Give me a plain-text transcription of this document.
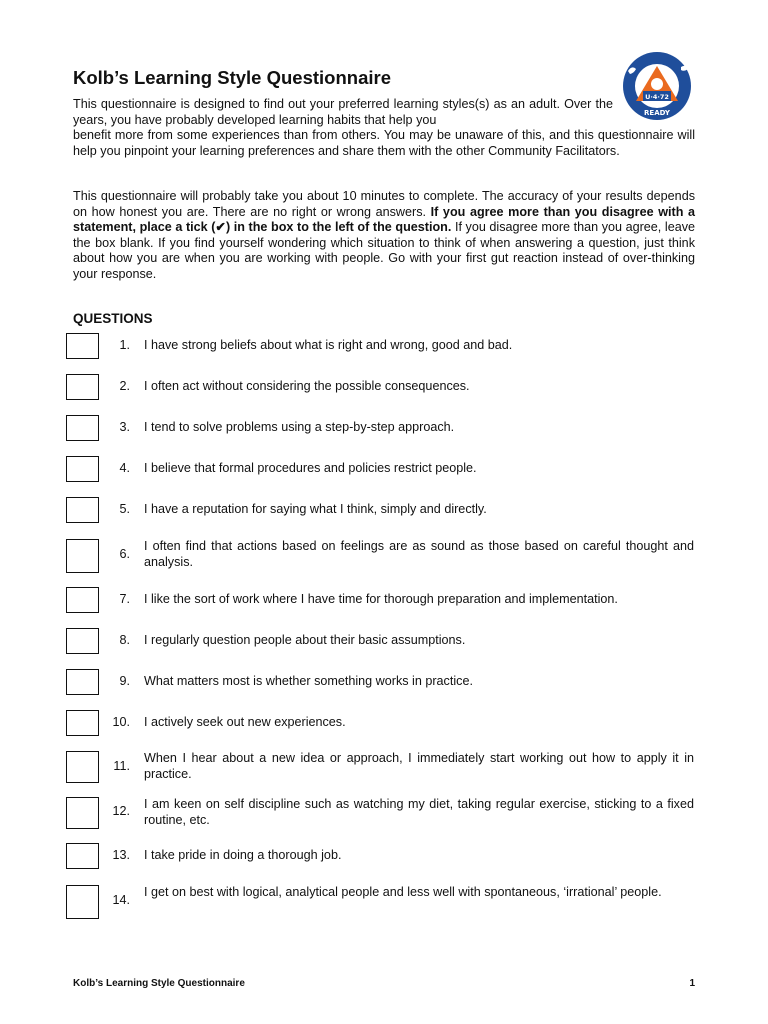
Kolb’s Learning Style Questionnaire
U·4·72
READY
This questionnaire is designed to find out your preferred learning styles(s) as an adult. Over the years, you have probably developed learning habits that help you
benefit more from some experiences than from others. You may be unaware of this, and this questionnaire will help you pinpoint your learning preferences and share them with the other Community Facilitators.
This questionnaire will probably take you about 10 minutes to complete. The accuracy of your results depends on how honest you are. There are no right or wrong answers. If you agree more than you disagree with a statement, place a tick (✔) in the box to the left of the question. If you disagree more than you agree, leave the box blank. If you find yourself wondering which situation to think of when answering a question, just think about how you are when you are working with people. Go with your first gut reaction instead of over-thinking your response.
QUESTIONS
1. I have strong beliefs about what is right and wrong, good and bad.
2. I often act without considering the possible consequences.
3. I tend to solve problems using a step-by-step approach.
4. I believe that formal procedures and policies restrict people.
5. I have a reputation for saying what I think, simply and directly.
6.
I often find that actions based on feelings are as sound as those based on careful thought and analysis.
7. I like the sort of work where I have time for thorough preparation and implementation.
8. I regularly question people about their basic assumptions.
9. What matters most is whether something works in practice.
10. I actively seek out new experiences.
11.
When I hear about a new idea or approach, I immediately start working out how to apply it in practice.
12. I am keen on self discipline such as watching my diet, taking regular exercise, sticking to a fixed routine, etc.
13. I take pride in doing a thorough job.
14.
I get on best with logical, analytical people and less well with spontaneous, ‘irrational’ people.
Kolb’s Learning Style Questionnaire	1
